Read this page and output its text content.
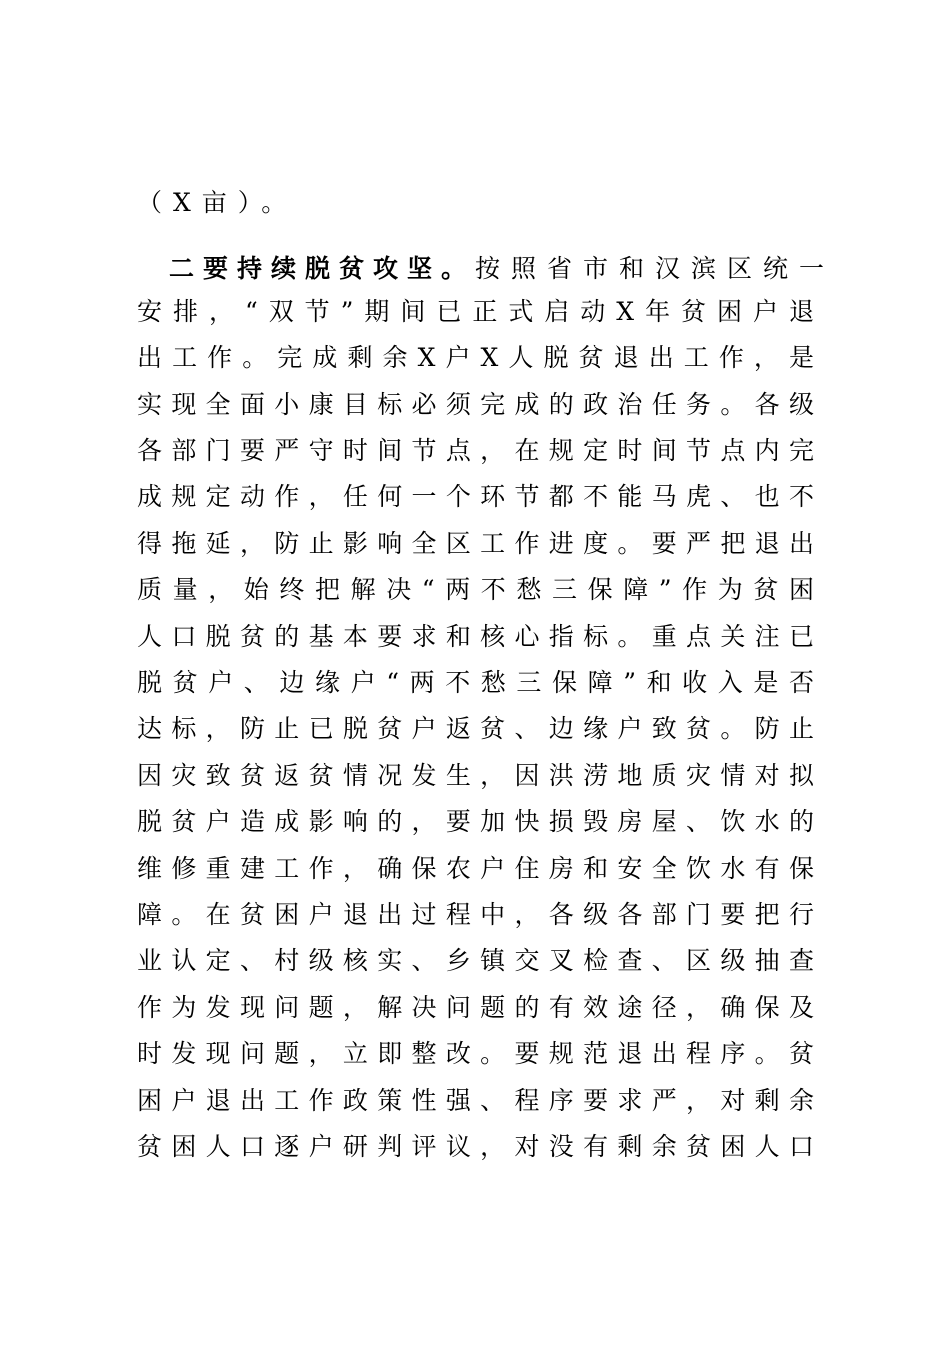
（X亩）。
二要持续脱贫攻坚。按照省市和汉滨区统一
安排，“双节”期间已正式启动X年贫困户退
出工作。完成剩余X户X人脱贫退出工作，是
实现全面小康目标必须完成的政治任务。各级
各部门要严守时间节点，在规定时间节点内完
成规定动作，任何一个环节都不能马虎、也不
得拖延，防止影响全区工作进度。要严把退出
质量，始终把解决“两不愁三保障”作为贫困
人口脱贫的基本要求和核心指标。重点关注已
脱贫户、边缘户“两不愁三保障”和收入是否
达标，防止已脱贫户返贫、边缘户致贫。防止
因灾致贫返贫情况发生，因洪涝地质灾情对拟
脱贫户造成影响的，要加快损毁房屋、饮水的
维修重建工作，确保农户住房和安全饮水有保
障。在贫困户退出过程中，各级各部门要把行
业认定、村级核实、乡镇交叉检查、区级抽查
作为发现问题，解决问题的有效途径，确保及
时发现问题，立即整改。要规范退出程序。贫
困户退出工作政策性强、程序要求严，对剩余
贫困人口逐户研判评议，对没有剩余贫困人口
